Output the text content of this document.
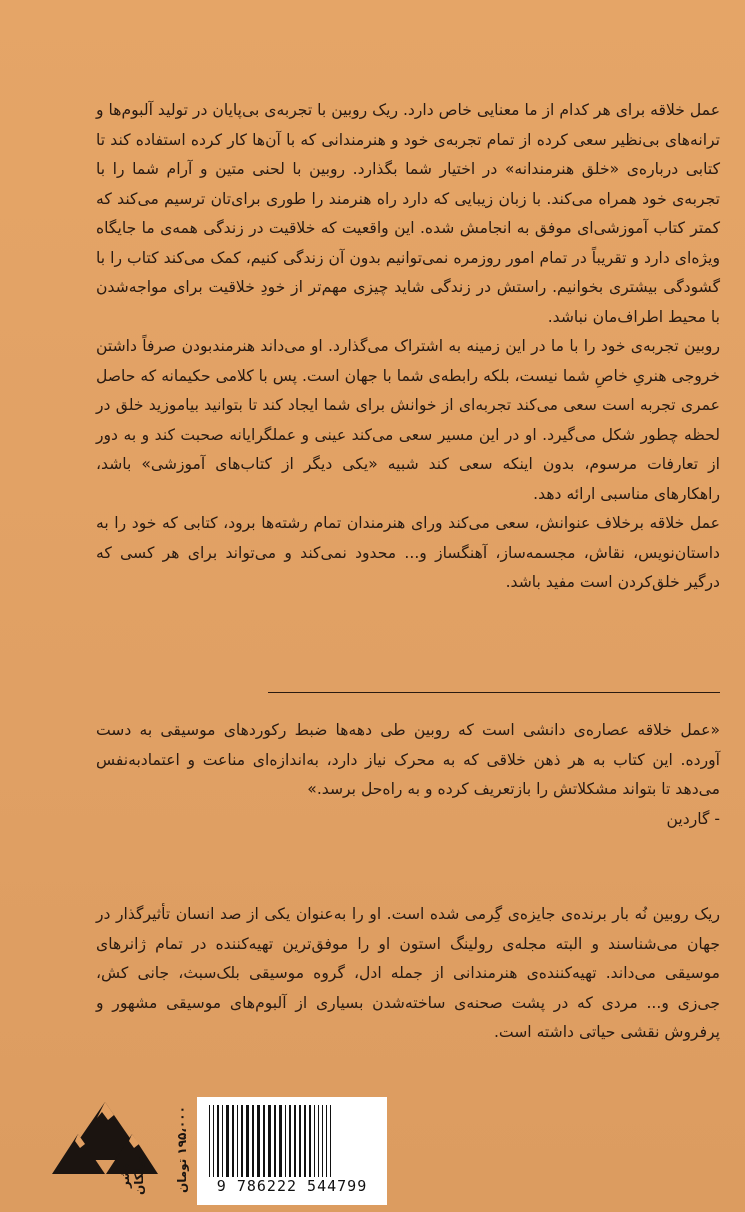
عمل خلاقه برای هر کدام از ما معنایی خاص دارد. ریک روبین با تجربه‌ی بی‌پایان در تولید آلبوم‌ها و ترانه‌های بی‌نظیر سعی کرده از تمام تجربه‌ی خود و هنرمندانی که با آن‌ها کار کرده استفاده کند تا کتابی درباره‌ی «خلق هنرمندانه» در اختیار شما بگذارد. روبین با لحنی متین و آرام شما را با تجربه‌ی خود همراه می‌کند. با زبان زیبایی که دارد راه هنرمند را طوری برای‌تان ترسیم می‌کند که کمتر کتاب آموزشی‌ای موفق به انجامش شده. این واقعیت که خلاقیت در زندگی همه‌ی ما جایگاه ویژه‌ای دارد و تقریباً در تمام امور روزمره نمی‌توانیم بدون آن زندگی کنیم، کمک می‌کند کتاب را با گشودگی بیشتری بخوانیم. راستش در زندگی شاید چیزی مهم‌تر از خودِ خلاقیت برای مواجه‌شدن با محیط اطراف‌مان نباشد.

روبین تجربه‌ی خود را با ما در این زمینه به اشتراک می‌گذارد. او می‌داند هنرمندبودن صرفاً داشتن خروجی هنریِ خاصِ شما نیست، بلکه رابطه‌ی شما با جهان است. پس با کلامی حکیمانه که حاصل عمری تجربه است سعی می‌کند تجربه‌ای از خوانش برای شما ایجاد کند تا بتوانید بیاموزید خلق در لحظه چطور شکل می‌گیرد. او در این مسیر سعی می‌کند عینی و عملگرایانه صحبت کند و به دور از تعارفات مرسوم، بدون اینکه سعی کند شبیه «یکی دیگر از کتاب‌های آموزشی» باشد، راهکارهای مناسبی ارائه دهد.

عمل خلاقه برخلاف عنوانش، سعی می‌کند ورای هنرمندان تمام رشته‌ها برود، کتابی که خود را به داستان‌نویس، نقاش، مجسمه‌ساز، آهنگساز و... محدود نمی‌کند و می‌تواند برای هر کسی که درگیر خلق‌کردن است مفید باشد.

«عمل خلاقه عصاره‌ی دانشی است که روبین طی دهه‌ها ضبط رکوردهای موسیقی به دست آورده. این کتاب به هر ذهن خلاقی که به محرک نیاز دارد، به‌اندازه‌ای مناعت و اعتمادبه‌نفس می‌دهد تا بتواند مشکلاتش را بازتعریف کرده و به راه‌حل برسد.»

- گاردین

ریک روبین نُه بار برنده‌ی جایزه‌ی گِرمی شده است. او را به‌عنوان یکی از صد انسان تأثیرگذار در جهان می‌شناسند و البته مجله‌ی رولینگ استون او را موفق‌ترین تهیه‌کننده در تمام ژانرهای موسیقی می‌داند. تهیه‌کننده‌ی هنرمندانی از جمله ادل، گروه موسیقی بلک‌سبث، جانی کش، جی‌زی و... مردی که در پشت صحنه‌ی ساخته‌شدن بسیاری از آلبوم‌های موسیقی مشهور و پرفروش نقشی حیاتی داشته است.

۱۹۵،۰۰۰ تومان
9 786222 544799
نشر میلکان
